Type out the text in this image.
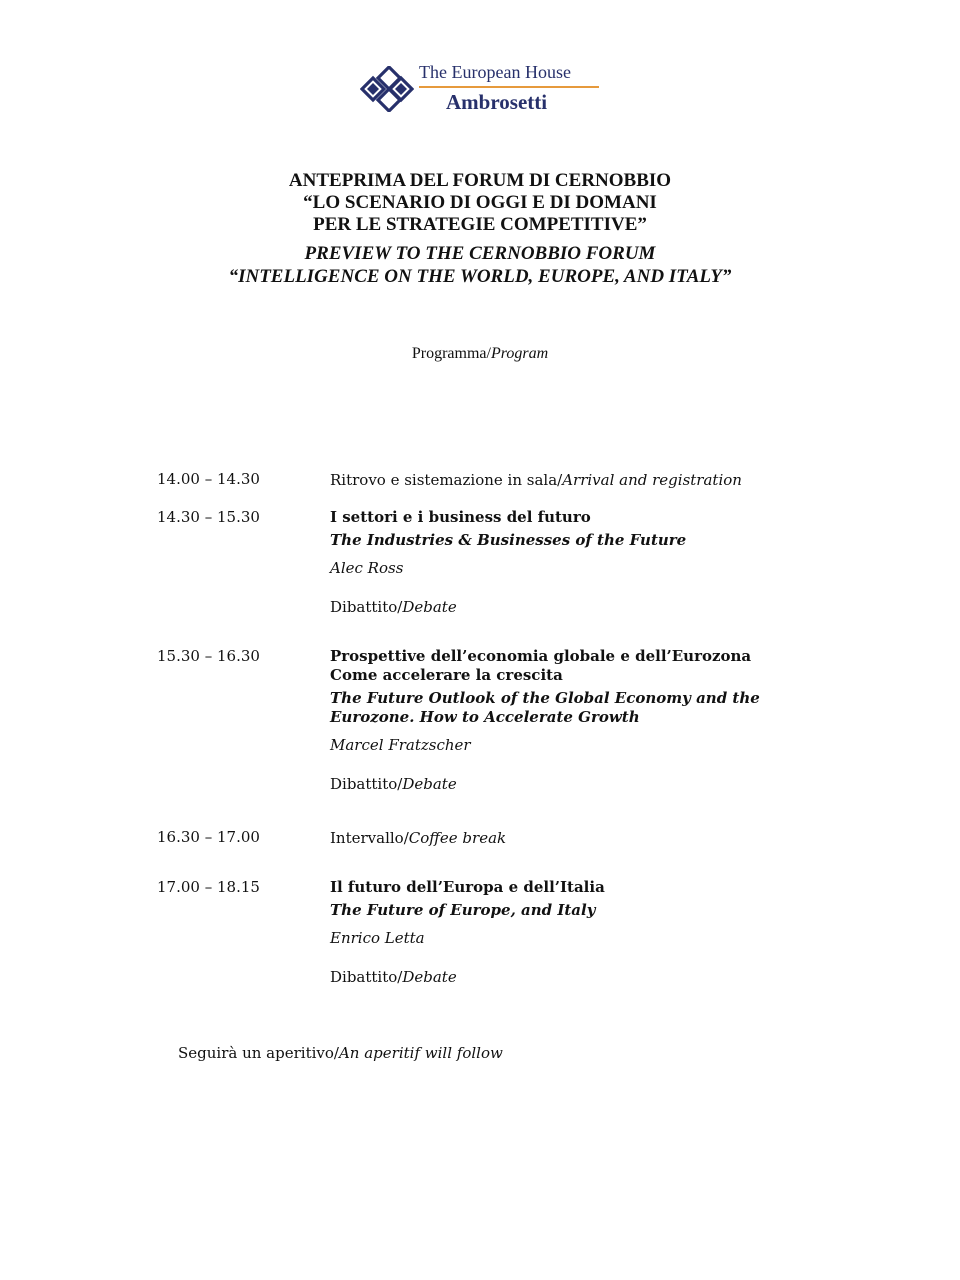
The European House
Ambrosetti
ANTEPRIMA DEL FORUM DI CERNOBBIO
“LO SCENARIO DI OGGI E DI DOMANI
PER LE STRATEGIE COMPETITIVE”
PREVIEW TO THE CERNOBBIO FORUM
“INTELLIGENCE ON THE WORLD, EUROPE, AND ITALY”
Programma/Program
14.00 – 14.30	Ritrovo e sistemazione in sala/Arrival and registration
14.30 – 15.30	I settori e i business del futuro
The Industries & Businesses of the Future
Alec Ross
Dibattito/Debate
15.30 – 16.30	Prospettive dell’economia globale e dell’Eurozona
Come accelerare la crescita
The Future Outlook of the Global Economy and the
Eurozone. How to Accelerate Growth
Marcel Fratzscher
Dibattito/Debate
16.30 – 17.00	Intervallo/Coffee break
17.00 – 18.15	Il futuro dell’Europa e dell’Italia
The Future of Europe, and Italy
Enrico Letta
Dibattito/Debate
Seguirà un aperitivo/An aperitif will follow
